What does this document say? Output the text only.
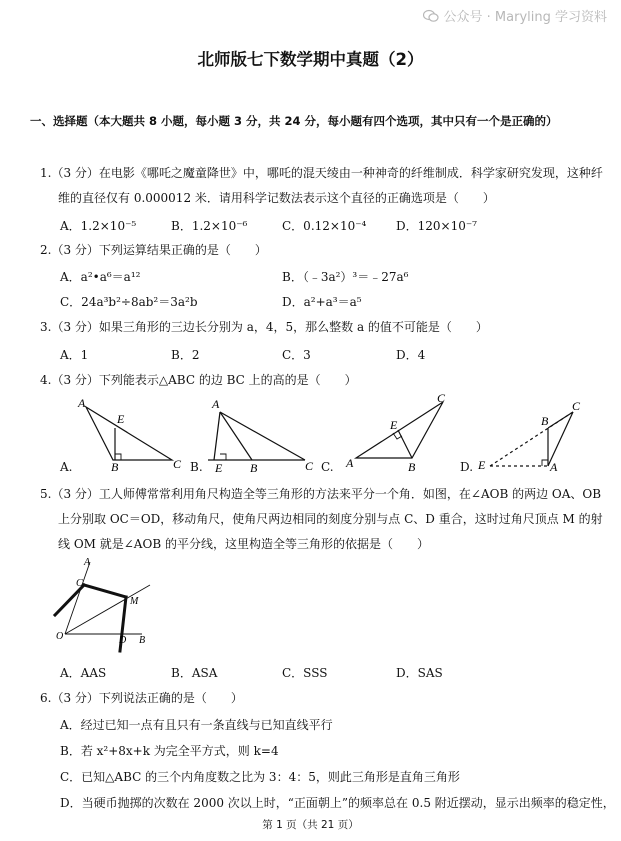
公众号 · Maryling 学习资料
北师版七下数学期中真题（2）
一、选择题（本大题共 8 小题，每小题 3 分，共 24 分，每小题有四个选项，其中只有一个是正确的）
1.（3 分）在电影《哪吒之魔童降世》中，哪吒的混天绫由一种神奇的纤维制成．科学家研究发现，这种纤
维的直径仅有 0.000012 米．请用科学记数法表示这个直径的正确选项是（　　）
A．1.2×10⁻⁵	B．1.2×10⁻⁶	C．0.12×10⁻⁴ D．120×10⁻⁷
2.（3 分）下列运算结果正确的是（　　）
A．a²•a⁶＝a¹²	B．（﹣3a²）³＝﹣27a⁶
C．24a³b²÷8ab²＝3a²b	D．a²+a³＝a⁵
3.（3 分）如果三角形的三边长分别为 a，4，5，那么整数 a 的值不可能是（　　）
A．1	B．2	C．3	D．4
4.（3 分）下列能表示△ABC 的边 BC 上的高的是（　　）
A.	B.	C.	D.
A
E
B	C
A
E B	C
C
E
A	B
C
B
E	A
5.（3 分）工人师傅常常利用角尺构造全等三角形的方法来平分一个角．如图，在∠AOB 的两边 OA、OB
上分别取 OC＝OD，移动角尺，使角尺两边相同的刻度分别与点 C、D 重合，这时过角尺顶点 M 的射
线 OM 就是∠AOB 的平分线，这里构造全等三角形的依据是（　　）
A
C
M
O	D B
A．AAS	B．ASA	C．SSS	D．SAS
6.（3 分）下列说法正确的是（　　）
A．经过已知一点有且只有一条直线与已知直线平行
B．若 x²+8x+k 为完全平方式，则 k=4
C．已知△ABC 的三个内角度数之比为 3：4：5，则此三角形是直角三角形
D．当硬币抛掷的次数在 2000 次以上时，“正面朝上”的频率总在 0.5 附近摆动，显示出频率的稳定性，
第 1 页（共 21 页）
